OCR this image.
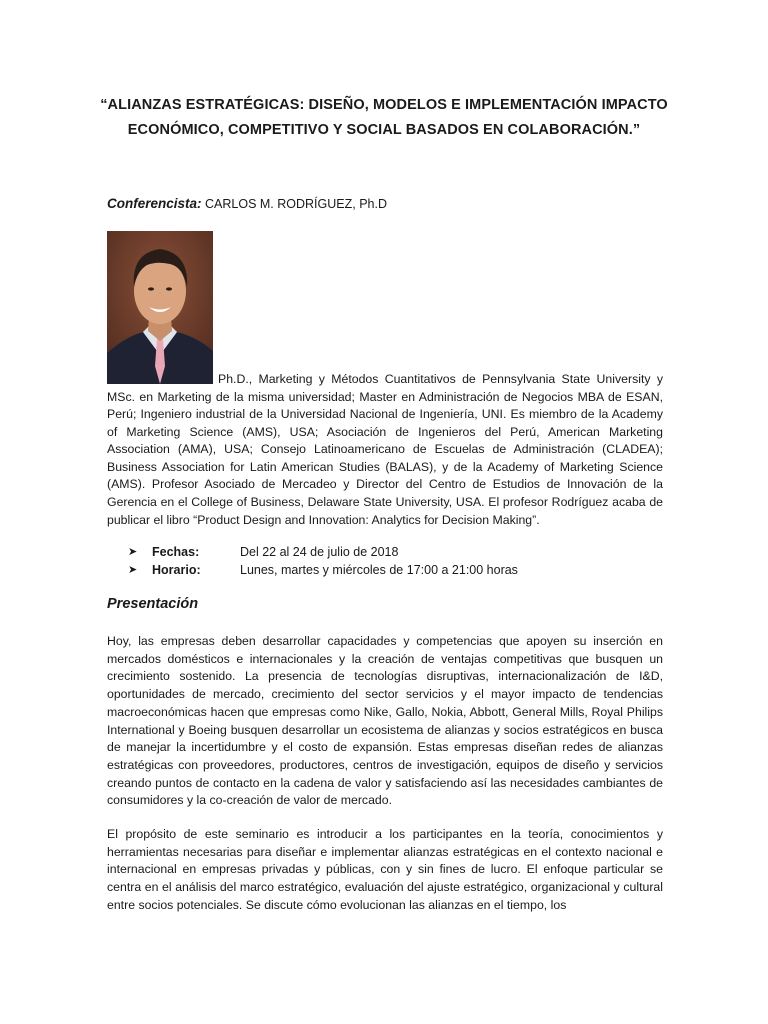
“ALIANZAS ESTRATÉGICAS: DISEÑO, MODELOS E IMPLEMENTACIÓN IMPACTO ECONÓMICO, COMPETITIVO Y SOCIAL BASADOS EN COLABORACIÓN.”
Conferencista: CARLOS M. RODRÍGUEZ, Ph.D
Ph.D., Marketing y Métodos Cuantitativos de Pennsylvania State University y
MSc. en Marketing de la misma universidad; Master en Administración de Negocios MBA de ESAN, Perú; Ingeniero industrial de la Universidad Nacional de Ingeniería, UNI. Es miembro de la Academy of Marketing Science (AMS), USA; Asociación de Ingenieros del Perú, American Marketing Association (AMA), USA; Consejo Latinoamericano de Escuelas de Administración (CLADEA); Business Association for Latin American Studies (BALAS), y de la Academy of Marketing Science (AMS). Profesor Asociado de Mercadeo y Director del Centro de Estudios de Innovación de la Gerencia en el College of Business, Delaware State University, USA. El profesor Rodríguez acaba de publicar el libro “Product Design and Innovation: Analytics for Decision Making”.
➤	Fechas:	Del 22 al 24 de julio de 2018
➤	Horario:	Lunes, martes y miércoles de 17:00 a 21:00 horas
Presentación
Hoy, las empresas deben desarrollar capacidades y competencias que apoyen su inserción en mercados domésticos e internacionales y la creación de ventajas competitivas que busquen un crecimiento sostenido. La presencia de tecnologías disruptivas, internacionalización de I&D, oportunidades de mercado, crecimiento del sector servicios y el mayor impacto de tendencias macroeconómicas hacen que empresas como Nike, Gallo, Nokia, Abbott, General Mills, Royal Philips International y Boeing busquen desarrollar un ecosistema de alianzas y socios estratégicos en busca de manejar la incertidumbre y el costo de expansión. Estas empresas diseñan redes de alianzas estratégicas con proveedores, productores, centros de investigación, equipos de diseño y servicios creando puntos de contacto en la cadena de valor y satisfaciendo así las necesidades cambiantes de consumidores y la co-creación de valor de mercado.
El propósito de este seminario es introducir a los participantes en la teoría, conocimientos y herramientas necesarias para diseñar e implementar alianzas estratégicas en el contexto nacional e internacional en empresas privadas y públicas, con y sin fines de lucro. El enfoque particular se centra en el análisis del marco estratégico, evaluación del ajuste estratégico, organizacional y cultural entre socios potenciales. Se discute cómo evolucionan las alianzas en el tiempo, los
